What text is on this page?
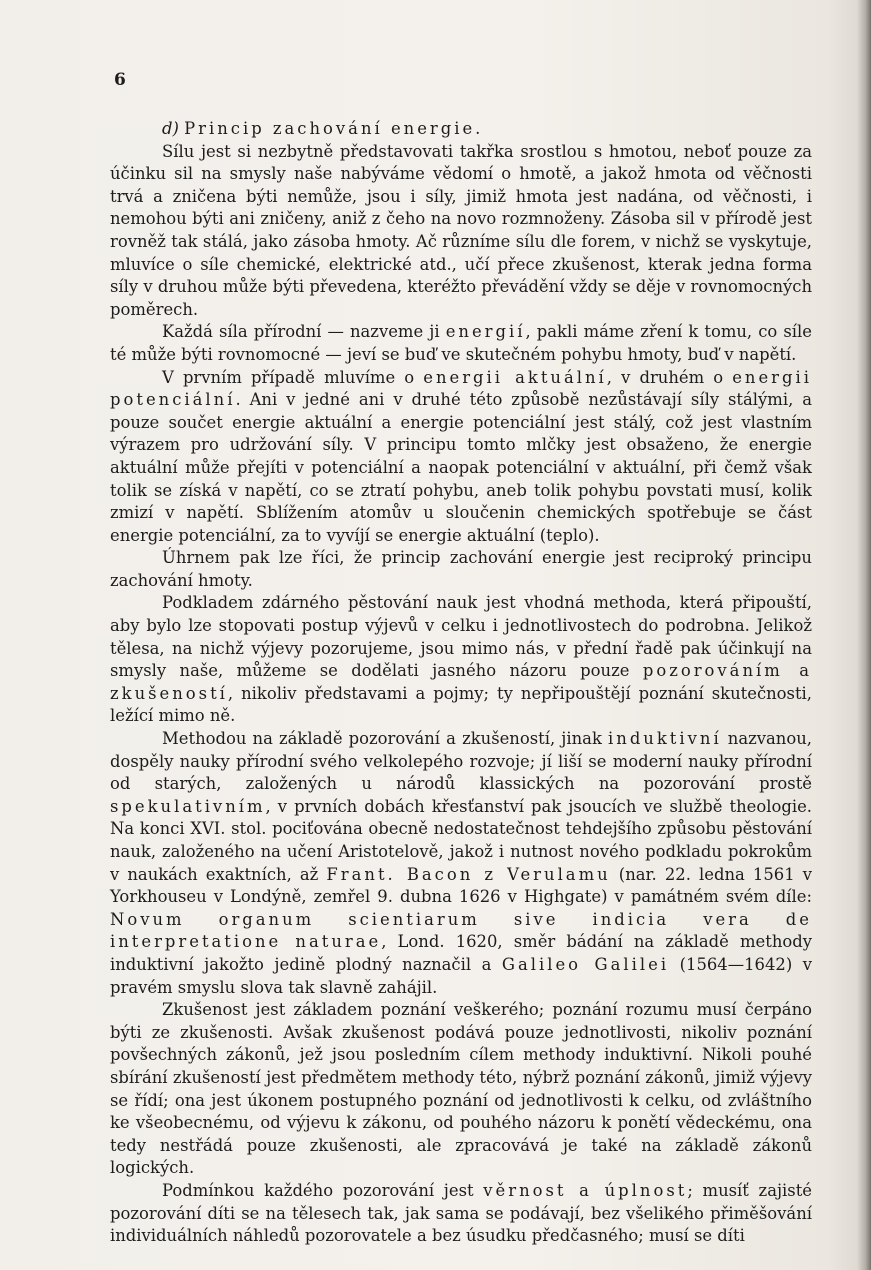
6

d) Princip zachování energie.

Sílu jest si nezbytně představovati takřka srostlou s hmotou, neboť pouze za účinku sil na smysly naše nabýváme vědomí o hmotě, a jakož hmota od věčnosti trvá a zničena býti nemůže, jsou i síly, jimiž hmota jest nadána, od věčnosti, i nemohou býti ani zničeny, aniž z čeho na novo rozmnoženy. Zásoba sil v přírodě jest rovněž tak stálá, jako zásoba hmoty. Ač různíme sílu dle forem, v nichž se vyskytuje, mluvíce o síle chemické, elektrické atd., učí přece zkušenost, kterak jedna forma síly v druhou může býti převedena, kteréžto převádění vždy se děje v rovnomocných poměrech.

Každá síla přírodní — nazveme ji energií, pakli máme zření k tomu, co síle té může býti rovnomocné — jeví se buď ve skutečném pohybu hmoty, buď v napětí.

V prvním případě mluvíme o energii aktuální, v druhém o energii potenciální. Ani v jedné ani v druhé této způsobě nezůstávají síly stálými, a pouze součet energie aktuální a energie potenciální jest stálý, což jest vlastním výrazem pro udržování síly. V principu tomto mlčky jest obsaženo, že energie aktuální může přejíti v potenciální a naopak potenciální v aktuální, při čemž však tolik se získá v napětí, co se ztratí pohybu, aneb tolik pohybu povstati musí, kolik zmizí v napětí. Sblížením atomův u sloučenin chemických spotřebuje se část energie potenciální, za to vyvíjí se energie aktuální (teplo).

Úhrnem pak lze říci, že princip zachování energie jest reciproký principu zachování hmoty.

Podkladem zdárného pěstování nauk jest vhodná methoda, která připouští, aby bylo lze stopovati postup výjevů v celku i jednotlivostech do podrobna. Jelikož tělesa, na nichž výjevy pozorujeme, jsou mimo nás, v přední řadě pak účinkují na smysly naše, můžeme se dodělati jasného názoru pouze pozorováním a zkušeností, nikoliv představami a pojmy; ty nepřipouštějí poznání skutečnosti, ležící mimo ně.

Methodou na základě pozorování a zkušeností, jinak induktivní nazvanou, dospěly nauky přírodní svého velkolepého rozvoje; jí liší se moderní nauky přírodní od starých, založených u národů klassických na pozorování prostě spekulativním, v prvních dobách křesťanství pak jsoucích ve službě theologie. Na konci XVI. stol. pociťována obecně nedostatečnost tehdejšího způsobu pěstování nauk, založeného na učení Aristotelově, jakož i nutnost nového podkladu pokrokům v naukách exaktních, až Frant. Bacon z Verulamu (nar. 22. ledna 1561 v Yorkhouseu v Londýně, zemřel 9. dubna 1626 v Highgate) v památném svém díle: Novum organum scientiarum sive indicia vera de interpretatione naturae, Lond. 1620, směr bádání na základě methody induktivní jakožto jedině plodný naznačil a Galileo Galilei (1564—1642) v pravém smyslu slova tak slavně zahájil.

Zkušenost jest základem poznání veškerého; poznání rozumu musí čerpáno býti ze zkušenosti. Avšak zkušenost podává pouze jednotlivosti, nikoliv poznání povšechných zákonů, jež jsou posledním cílem methody induktivní. Nikoli pouhé sbírání zkušeností jest předmětem methody této, nýbrž poznání zákonů, jimiž výjevy se řídí; ona jest úkonem postupného poznání od jednotlivosti k celku, od zvláštního ke všeobecnému, od výjevu k zákonu, od pouhého názoru k ponětí vědeckému, ona tedy nestřádá pouze zkušenosti, ale zpracovává je také na základě zákonů logických.

Podmínkou každého pozorování jest věrnost a úplnost; musíť zajisté pozorování díti se na tělesech tak, jak sama se podávají, bez všelikého přiměšování individuálních náhledů pozorovatele a bez úsudku předčasného; musí se díti
